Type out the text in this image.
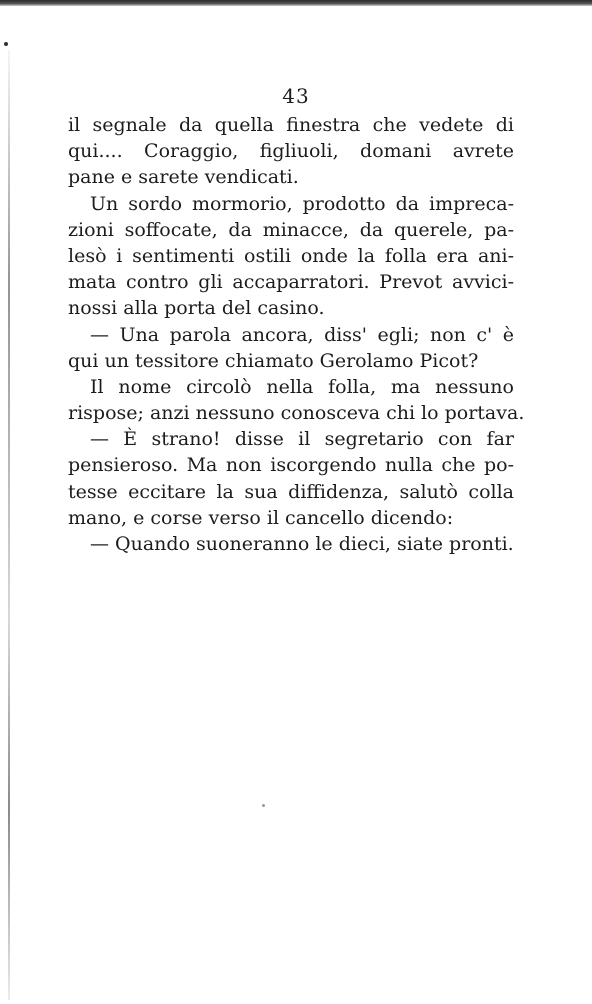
43
il segnale da quella finestra che vedete di
qui.... Coraggio, figliuoli, domani avrete
pane e sarete vendicati.
Un sordo mormorio, prodotto da impreca-
zioni soffocate, da minacce, da querele, pa-
lesò i sentimenti ostili onde la folla era ani-
mata contro gli accaparratori. Prevot avvici-
nossi alla porta del casino.
— Una parola ancora, diss' egli; non c' è
qui un tessitore chiamato Gerolamo Picot?
Il nome circolò nella folla, ma nessuno
rispose; anzi nessuno conosceva chi lo portava.
— È strano! disse il segretario con far
pensieroso. Ma non iscorgendo nulla che po-
tesse eccitare la sua diffidenza, salutò colla
mano, e corse verso il cancello dicendo:
— Quando suoneranno le dieci, siate pronti.
